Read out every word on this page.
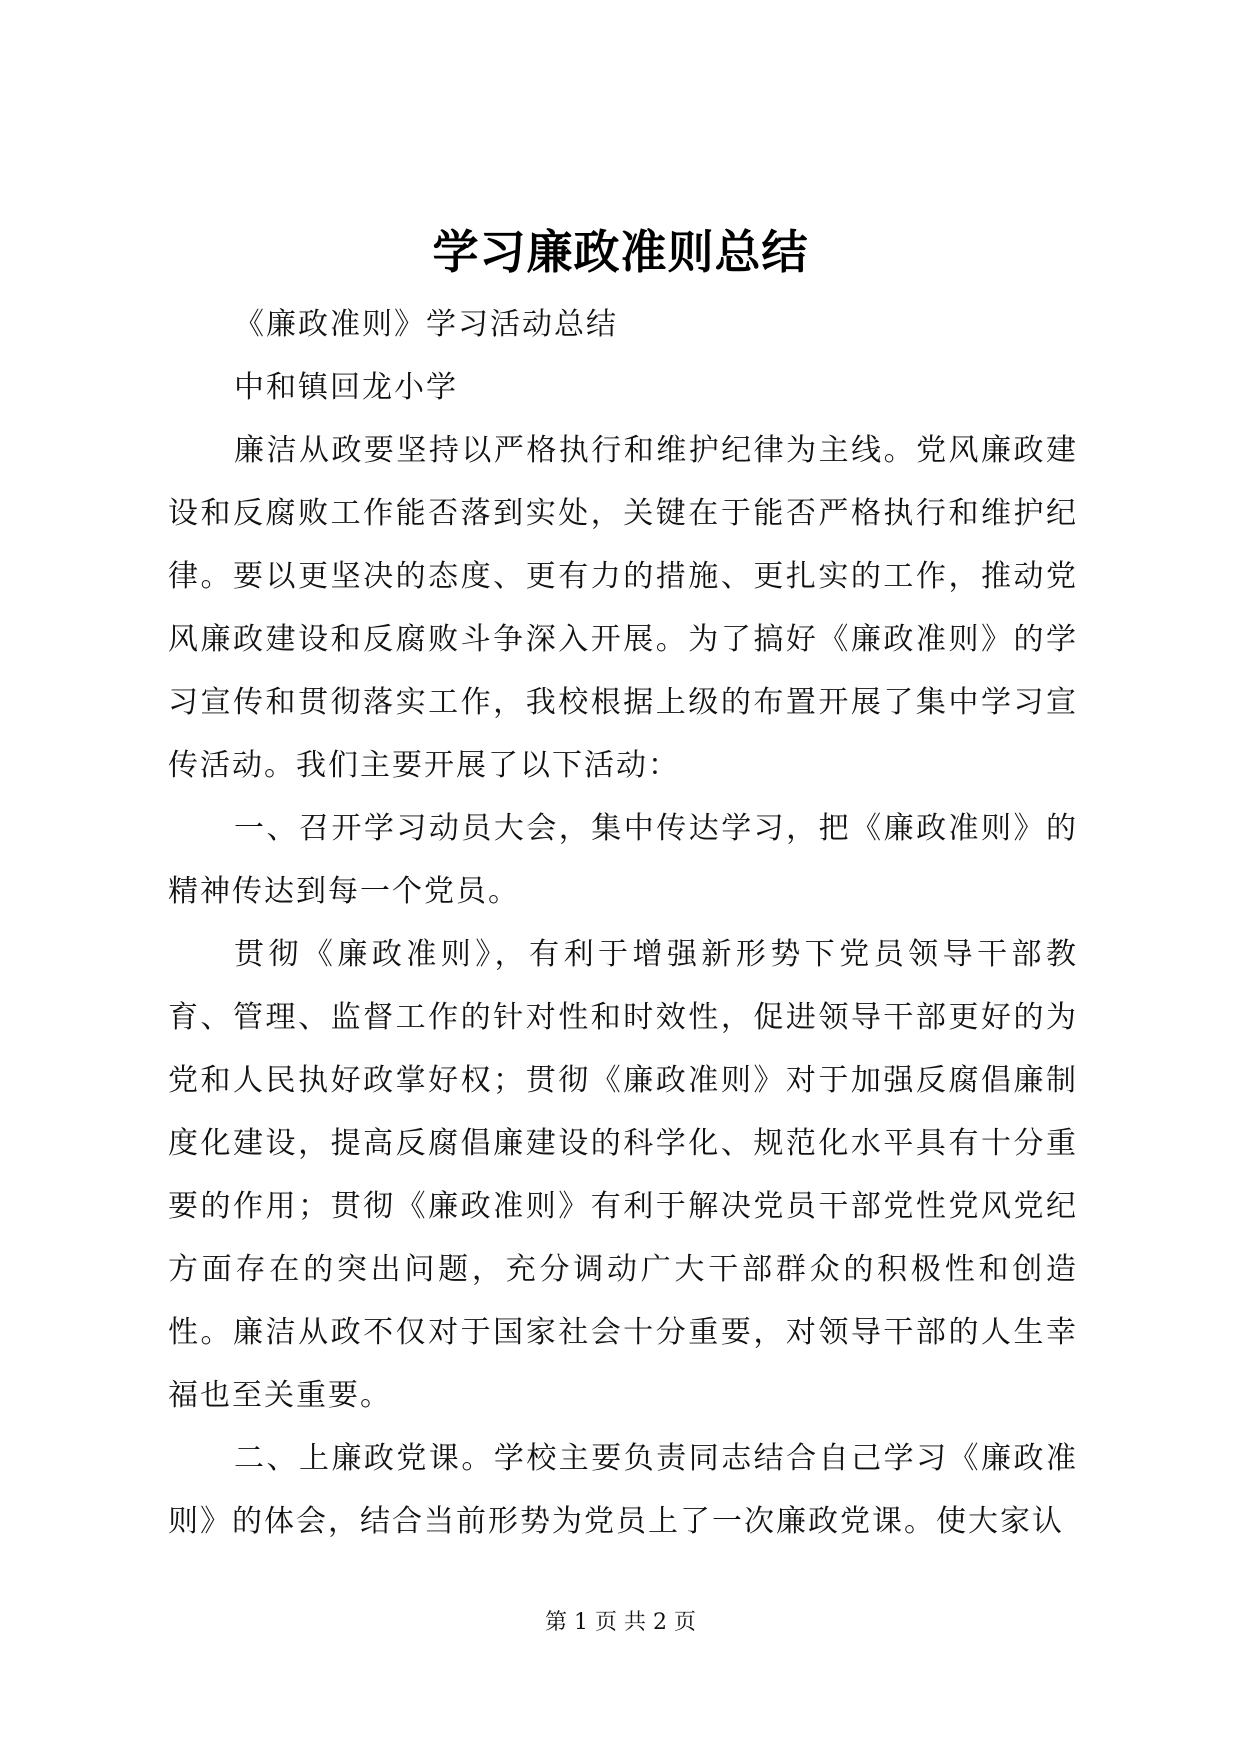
学习廉政准则总结

《廉政准则》学习活动总结

中和镇回龙小学

廉洁从政要坚持以严格执行和维护纪律为主线。党风廉政建设和反腐败工作能否落到实处，关键在于能否严格执行和维护纪律。要以更坚决的态度、更有力的措施、更扎实的工作，推动党风廉政建设和反腐败斗争深入开展。为了搞好《廉政准则》的学习宣传和贯彻落实工作，我校根据上级的布置开展了集中学习宣传活动。我们主要开展了以下活动：

一、召开学习动员大会，集中传达学习，把《廉政准则》的精神传达到每一个党员。

贯彻《廉政准则》，有利于增强新形势下党员领导干部教育、管理、监督工作的针对性和时效性，促进领导干部更好的为党和人民执好政掌好权；贯彻《廉政准则》对于加强反腐倡廉制度化建设，提高反腐倡廉建设的科学化、规范化水平具有十分重要的作用；贯彻《廉政准则》有利于解决党员干部党性党风党纪方面存在的突出问题，充分调动广大干部群众的积极性和创造性。廉洁从政不仅对于国家社会十分重要，对领导干部的人生幸福也至关重要。

二、上廉政党课。学校主要负责同志结合自己学习《廉政准则》的体会，结合当前形势为党员上了一次廉政党课。使大家认

第 1 页 共 2 页
